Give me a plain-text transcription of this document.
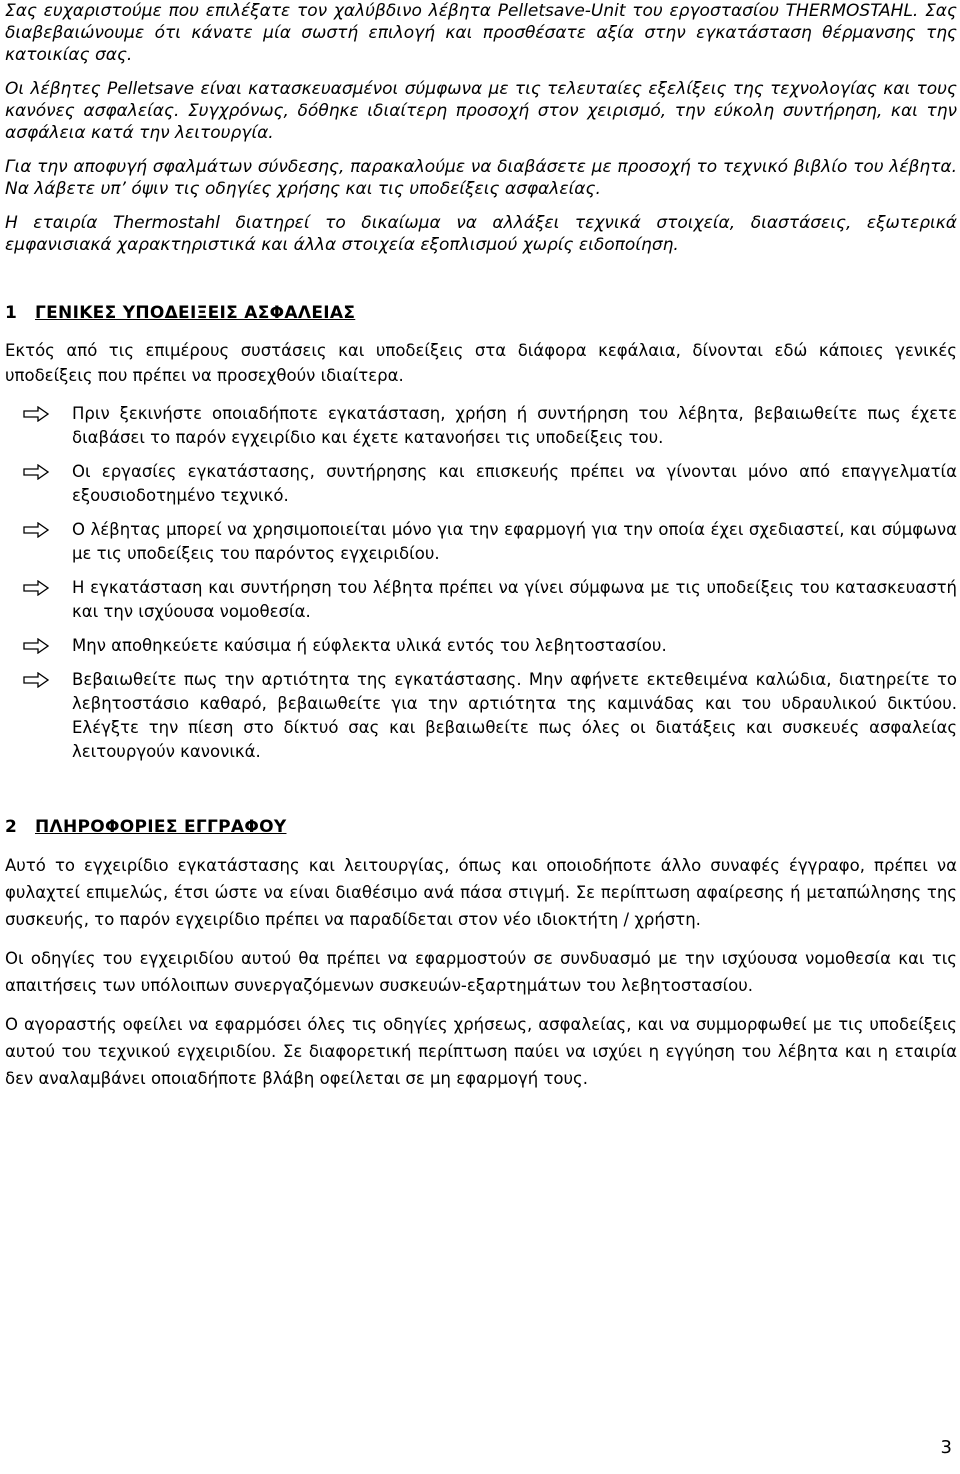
Σας ευχαριστούμε που επιλέξατε τον χαλύβδινο λέβητα Pelletsave-Unit του εργοστασίου THERMOSTAHL. Σας διαβεβαιώνουμε ότι κάνατε μία σωστή επιλογή και προσθέσατε αξία στην εγκατάσταση θέρμανσης της κατοικίας σας.

Οι λέβητες Pelletsave είναι κατασκευασμένοι σύμφωνα με τις τελευταίες εξελίξεις της τεχνολογίας και τους κανόνες ασφαλείας. Συγχρόνως, δόθηκε ιδιαίτερη προσοχή στον χειρισμό, την εύκολη συντήρηση, και την ασφάλεια κατά την λειτουργία.

Για την αποφυγή σφαλμάτων σύνδεσης, παρακαλούμε να διαβάσετε με προσοχή το τεχνικό βιβλίο του λέβητα. Να λάβετε υπ’ όψιν τις οδηγίες χρήσης και τις υποδείξεις ασφαλείας.

Η εταιρία Thermostahl διατηρεί το δικαίωμα να αλλάξει τεχνικά στοιχεία, διαστάσεις, εξωτερικά εμφανισιακά χαρακτηριστικά και άλλα στοιχεία εξοπλισμού χωρίς ειδοποίηση.

1 ΓΕΝΙΚΕΣ ΥΠΟΔΕΙΞΕΙΣ ΑΣΦΑΛΕΙΑΣ

Εκτός από τις επιμέρους συστάσεις και υποδείξεις στα διάφορα κεφάλαια, δίνονται εδώ κάποιες γενικές υποδείξεις που πρέπει να προσεχθούν ιδιαίτερα.

Πριν ξεκινήστε οποιαδήποτε εγκατάσταση, χρήση ή συντήρηση του λέβητα, βεβαιωθείτε πως έχετε διαβάσει το παρόν εγχειρίδιο και έχετε κατανοήσει τις υποδείξεις του.
Οι εργασίες εγκατάστασης, συντήρησης και επισκευής πρέπει να γίνονται μόνο από επαγγελματία εξουσιοδοτημένο τεχνικό.
Ο λέβητας μπορεί να χρησιμοποιείται μόνο για την εφαρμογή για την οποία έχει σχεδιαστεί, και σύμφωνα με τις υποδείξεις του παρόντος εγχειριδίου.
Η εγκατάσταση και συντήρηση του λέβητα πρέπει να γίνει σύμφωνα με τις υποδείξεις του κατασκευαστή και την ισχύουσα νομοθεσία.
Μην αποθηκεύετε καύσιμα ή εύφλεκτα υλικά εντός του λεβητοστασίου.
Βεβαιωθείτε πως την αρτιότητα της εγκατάστασης. Μην αφήνετε εκτεθειμένα καλώδια, διατηρείτε το λεβητοστάσιο καθαρό, βεβαιωθείτε για την αρτιότητα της καμινάδας και του υδραυλικού δικτύου. Ελέγξτε την πίεση στο δίκτυό σας και βεβαιωθείτε πως όλες οι διατάξεις και συσκευές ασφαλείας λειτουργούν κανονικά.
2 ΠΛΗΡΟΦΟΡΙΕΣ ΕΓΓΡΑΦΟΥ

Αυτό το εγχειρίδιο εγκατάστασης και λειτουργίας, όπως και οποιοδήποτε άλλο συναφές έγγραφο, πρέπει να φυλαχτεί επιμελώς, έτσι ώστε να είναι διαθέσιμο ανά πάσα στιγμή. Σε περίπτωση αφαίρεσης ή μεταπώλησης της συσκευής, το παρόν εγχειρίδιο πρέπει να παραδίδεται στον νέο ιδιοκτήτη / χρήστη.

Οι οδηγίες του εγχειριδίου αυτού θα πρέπει να εφαρμοστούν σε συνδυασμό με την ισχύουσα νομοθεσία και τις απαιτήσεις των υπόλοιπων συνεργαζόμενων συσκευών-εξαρτημάτων του λεβητοστασίου.

Ο αγοραστής οφείλει να εφαρμόσει όλες τις οδηγίες χρήσεως, ασφαλείας, και να συμμορφωθεί με τις υποδείξεις αυτού του τεχνικού εγχειριδίου. Σε διαφορετική περίπτωση παύει να ισχύει η εγγύηση του λέβητα και η εταιρία δεν αναλαμβάνει οποιαδήποτε βλάβη οφείλεται σε μη εφαρμογή τους.

3
